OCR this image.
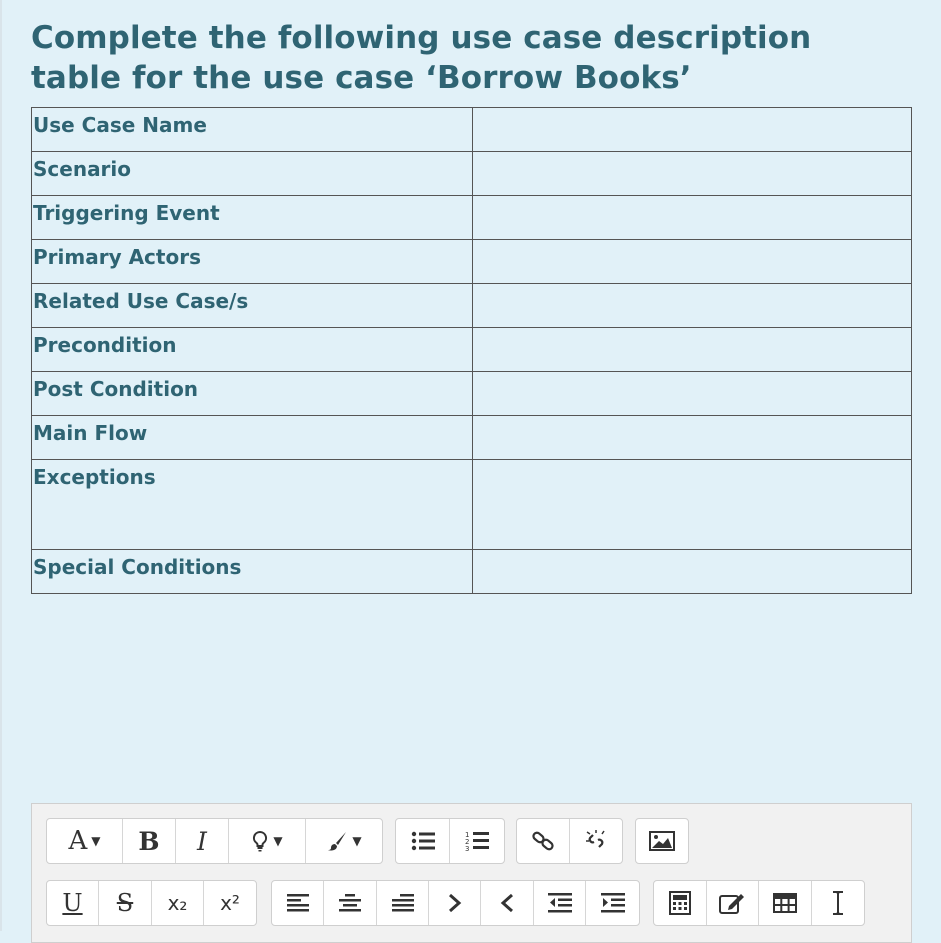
Complete the following use case description table for the use case ‘Borrow Books’
Use Case Name	
Scenario	
Triggering Event	
Primary Actors	
Related Use Case/s	
Precondition	
Post Condition	
Main Flow	
Exceptions	
Special Conditions	
A ▼ B I	▼	▼	1
2
3
U S x₂ x²
